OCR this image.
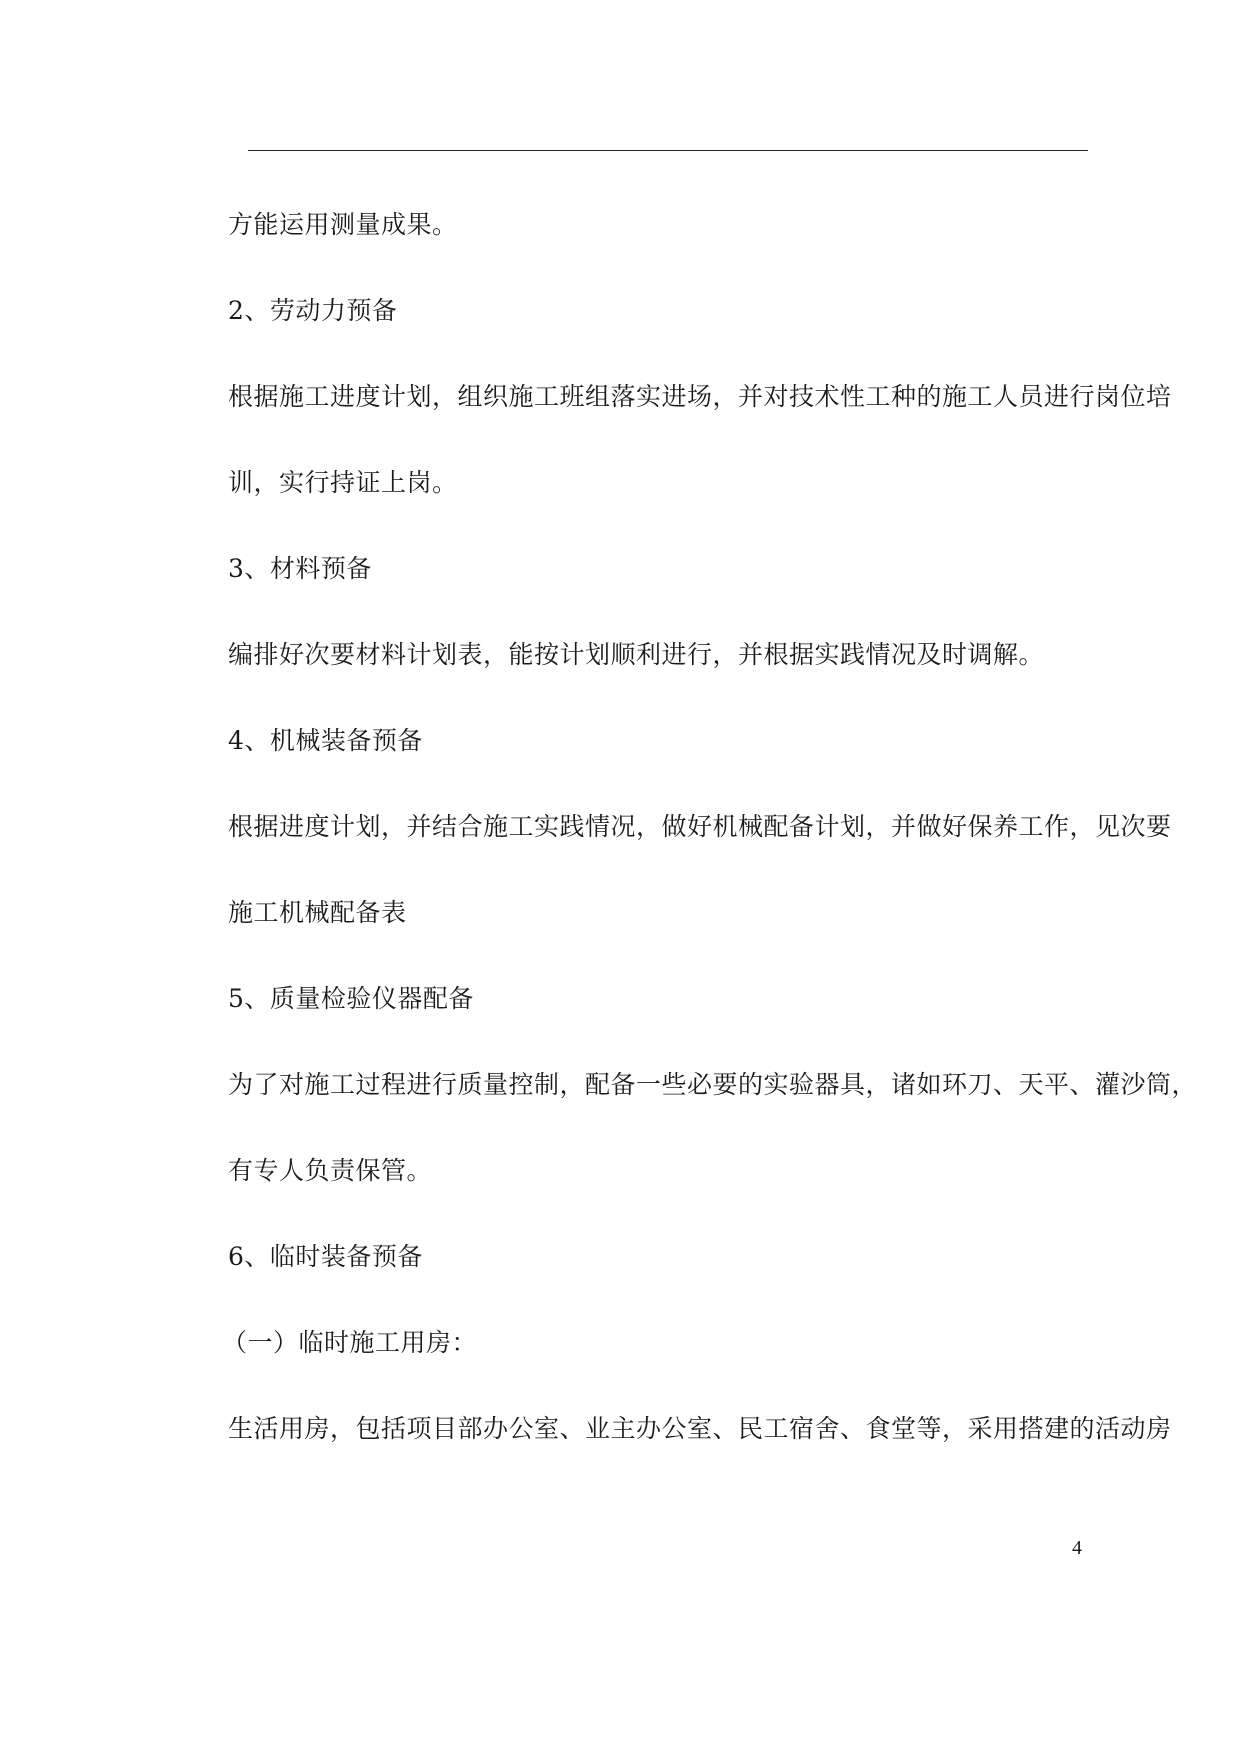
方能运用测量成果。

2、劳动力预备

根据施工进度计划，组织施工班组落实进场，并对技术性工种的施工人员进行岗位培

训，实行持证上岗。

3、材料预备

编排好次要材料计划表，能按计划顺利进行，并根据实践情况及时调解。

4、机械装备预备

根据进度计划，并结合施工实践情况，做好机械配备计划，并做好保养工作，见次要

施工机械配备表

5、质量检验仪器配备

为了对施工过程进行质量控制，配备一些必要的实验器具，诸如环刀、天平、灌沙筒，

有专人负责保管。

6、临时装备预备

（一）临时施工用房：

生活用房，包括项目部办公室、业主办公室、民工宿舍、食堂等，采用搭建的活动房

4
